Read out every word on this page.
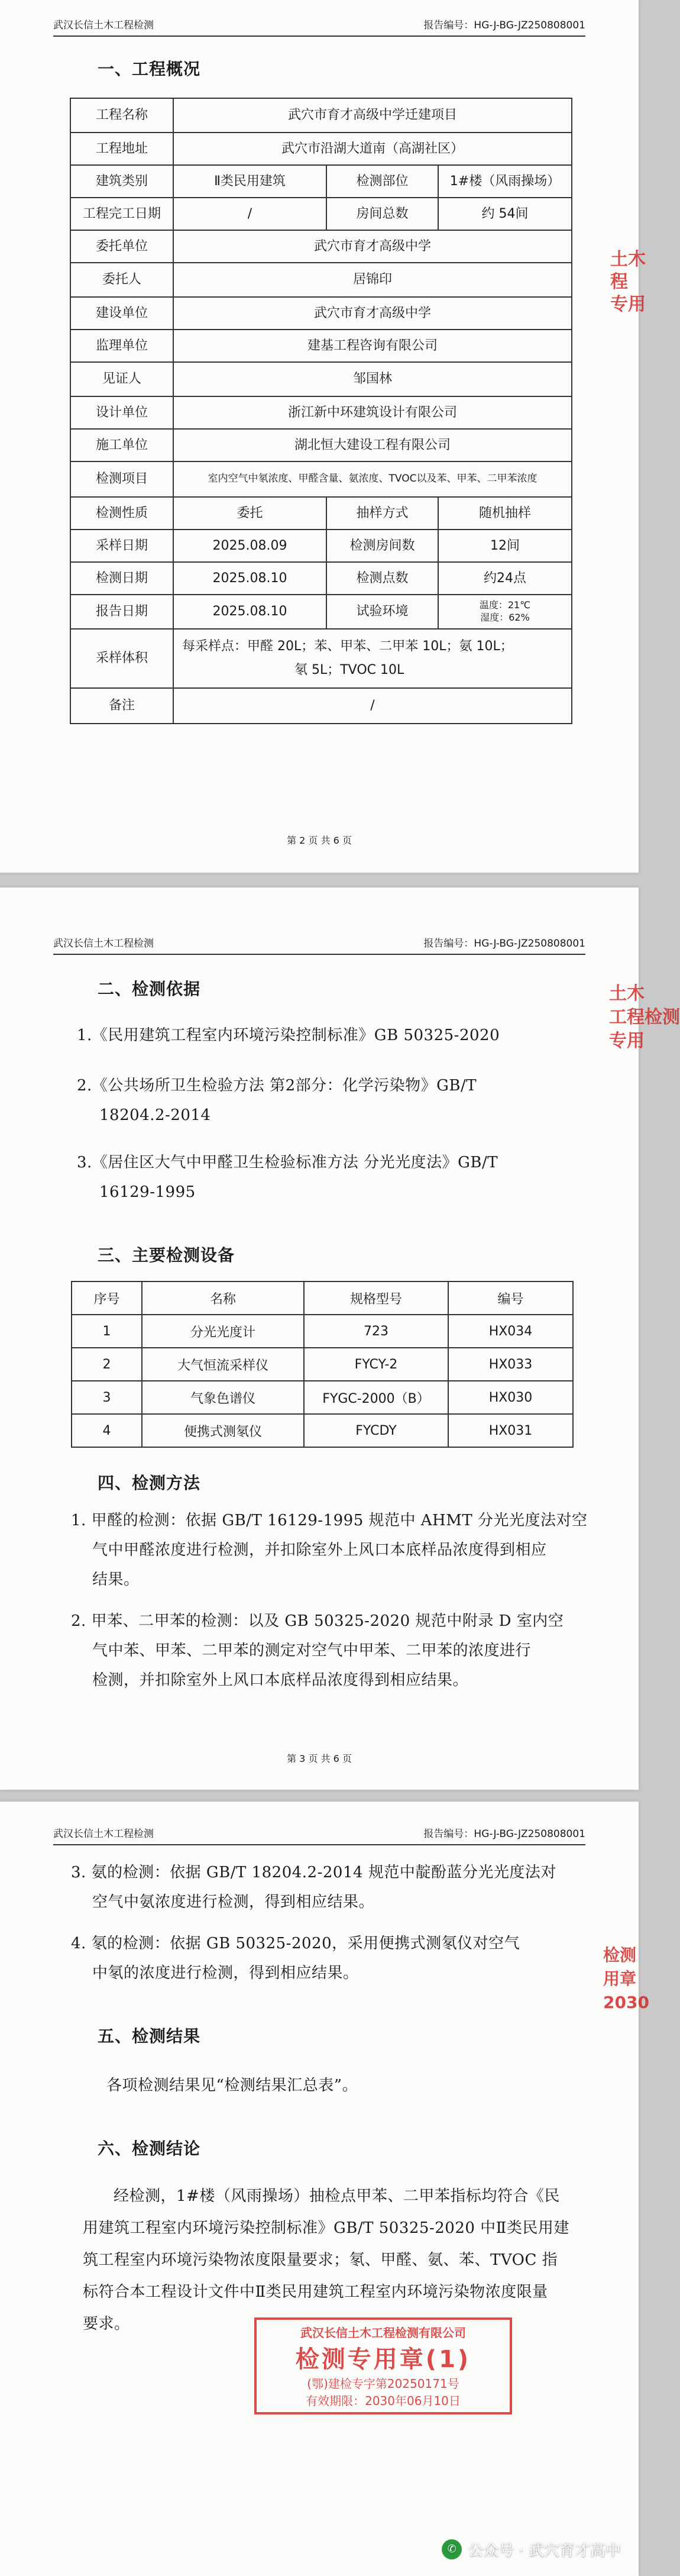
武汉长信土木工程检测	报告编号：HG-J-BG-JZ250808001
一、工程概况
工程名称	武穴市育才高级中学迁建项目		
工程地址	武穴市沿湖大道南（高湖社区）		
建筑类别	Ⅱ类民用建筑	检测部位	1#楼（风雨操场）
工程完工日期	/	房间总数	约 54间
委托单位	武穴市育才高级中学		
委托人	居锦印		
建设单位	武穴市育才高级中学		
监理单位	建基工程咨询有限公司		
见证人	邹国林		
设计单位	浙江新中环建筑设计有限公司		
施工单位	湖北恒大建设工程有限公司		
检测项目	室内空气中氡浓度、甲醛含量、氨浓度、TVOC以及苯、甲苯、二甲苯浓度		
检测性质	委托	抽样方式	随机抽样
采样日期	2025.08.09	检测房间数	12间
检测日期	2025.08.10	检测点数	约24点
报告日期	2025.08.10	试验环境	温度：21℃
湿度：62%

采样体积	每采样点：甲醛 20L；苯、甲苯、二甲苯 10L；氨 10L；
氡 5L；TVOC 10L		

备注	/		
第 2 页 共 6 页
土木
程
专用
武汉长信土木工程检测	报告编号：HG-J-BG-JZ250808001
二、检测依据
1.《民用建筑工程室内环境污染控制标准》GB 50325-2020
2.《公共场所卫生检验方法 第2部分：化学污染物》GB/T
18204.2-2014
3.《居住区大气中甲醛卫生检验标准方法 分光光度法》GB/T
16129-1995
三、主要检测设备
序号	名称	规格型号	编号
1	分光光度计	723	HX034
2	大气恒流采样仪	FYCY-2	HX033
3	气象色谱仪	FYGC-2000（B）	HX030
4	便携式测氡仪	FYCDY	HX031
四、检测方法
1. 甲醛的检测：依据 GB/T 16129-1995 规范中 AHMT 分光光度法对空
气中甲醛浓度进行检测，并扣除室外上风口本底样品浓度得到相应
结果。
2. 甲苯、二甲苯的检测：以及 GB 50325-2020 规范中附录 D 室内空
气中苯、甲苯、二甲苯的测定对空气中甲苯、二甲苯的浓度进行
检测，并扣除室外上风口本底样品浓度得到相应结果。
第 3 页 共 6 页
土木
工程检测
专用
武汉长信土木工程检测	报告编号：HG-J-BG-JZ250808001
3. 氨的检测：依据 GB/T 18204.2-2014 规范中靛酚蓝分光光度法对
空气中氨浓度进行检测，得到相应结果。
4. 氡的检测：依据 GB 50325-2020，采用便携式测氡仪对空气
中氡的浓度进行检测，得到相应结果。
五、检测结果
各项检测结果见“检测结果汇总表”。
六、检测结论
经检测，1#楼（风雨操场）抽检点甲苯、二甲苯指标均符合《民
用建筑工程室内环境污染控制标准》GB/T 50325-2020 中Ⅱ类民用建
筑工程室内环境污染物浓度限量要求；氡、甲醛、氨、苯、TVOC 指
标符合本工程设计文件中Ⅱ类民用建筑工程室内环境污染物浓度限量
要求。	武汉长信土木工程检测有限公司
检测专用章(1)
(鄂)建检专字第20250171号
有效期限：2030年06月10日
检测
用章
2030
✆ 公众号 · 武穴育才高中
